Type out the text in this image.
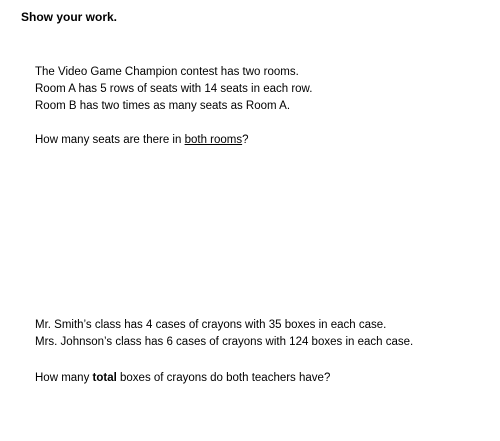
Show your work.
The Video Game Champion contest has two rooms.
Room A has 5 rows of seats with 14 seats in each row.
Room B has two times as many seats as Room A.
How many seats are there in both rooms?
Mr. Smith’s class has 4 cases of crayons with 35 boxes in each case.
Mrs. Johnson’s class has 6 cases of crayons with 124 boxes in each case.
How many total boxes of crayons do both teachers have?
